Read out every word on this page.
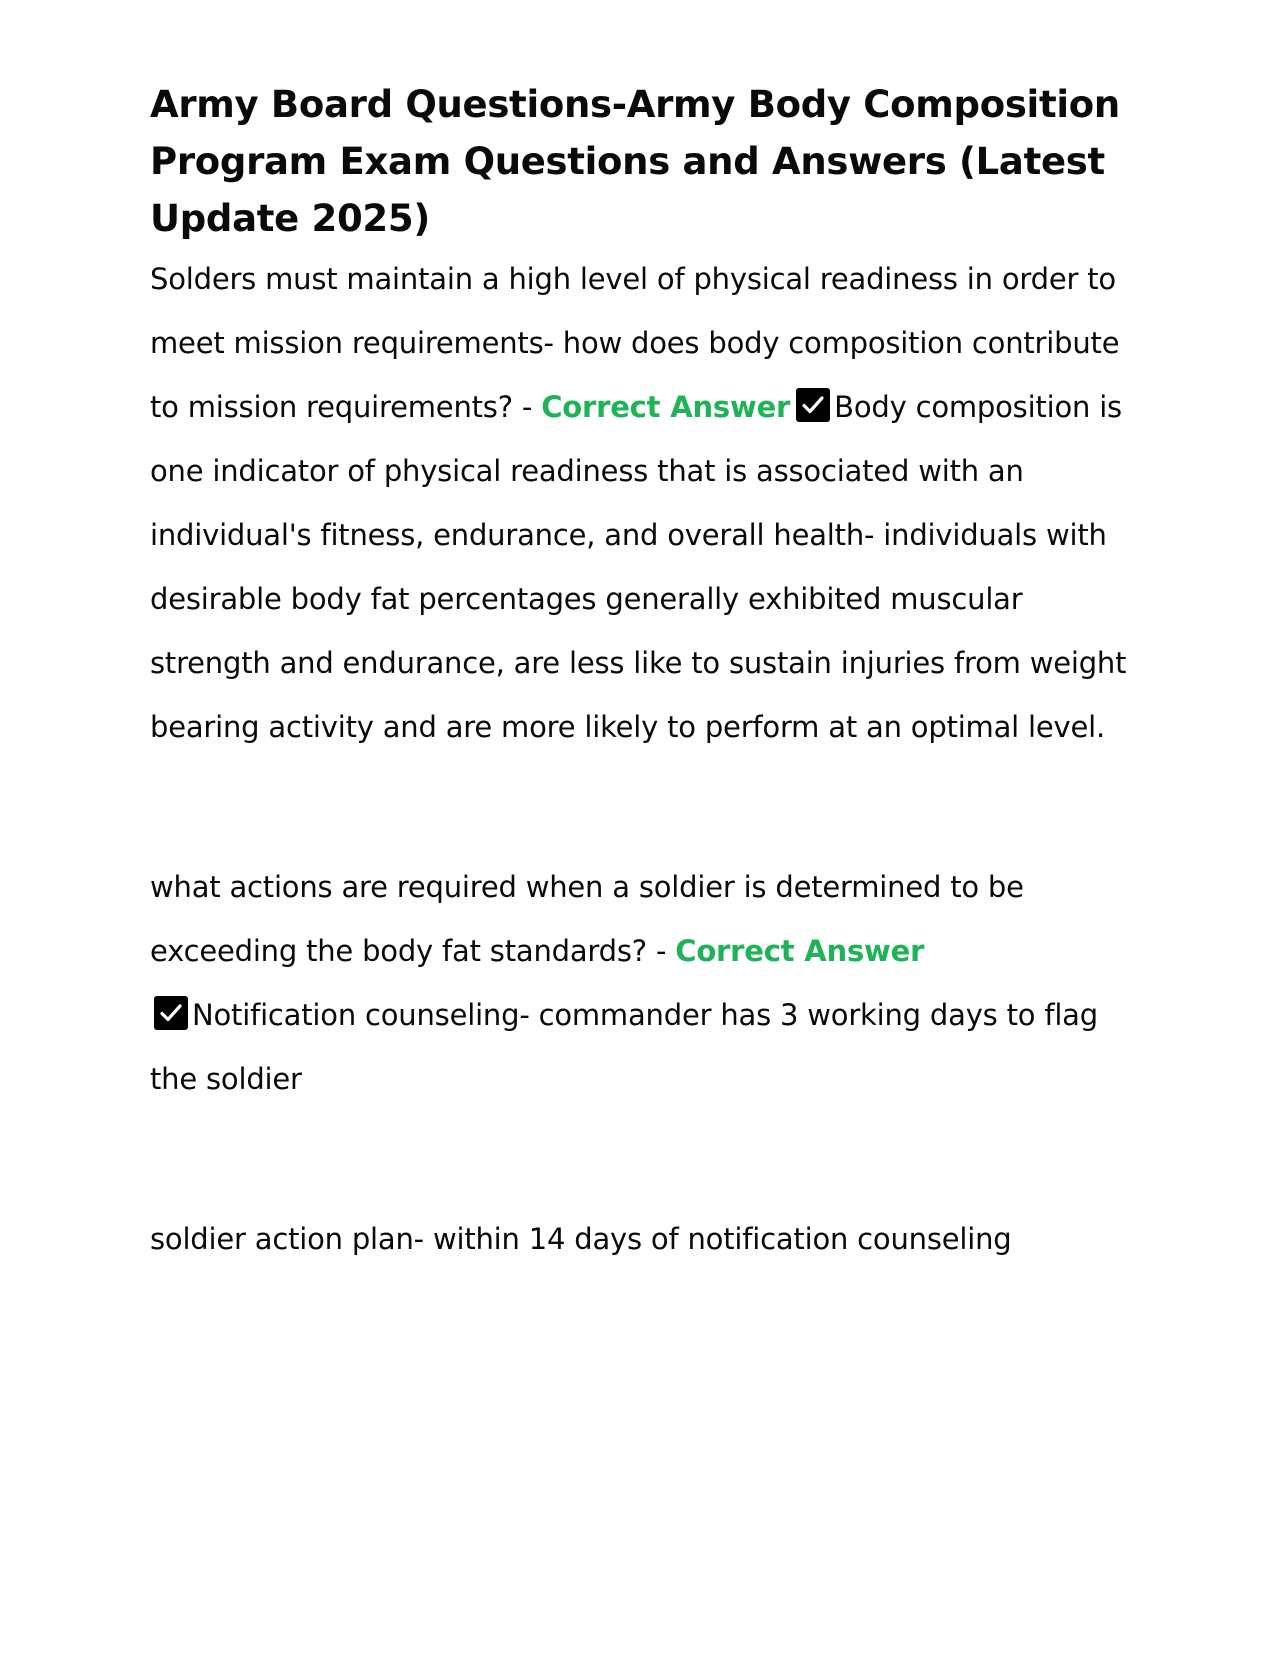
Army Board Questions-Army Body Composition Program Exam Questions and Answers (Latest Update 2025)

Solders must maintain a high level of physical readiness in order to meet mission requirements- how does body composition contribute to mission requirements? - Correct Answer Body composition is one indicator of physical readiness that is associated with an individual's fitness, endurance, and overall health- individuals with desirable body fat percentages generally exhibited muscular strength and endurance, are less like to sustain injuries from weight bearing activity and are more likely to perform at an optimal level.

what actions are required when a soldier is determined to be exceeding the body fat standards? - Correct Answer

Notification counseling- commander has 3 working days to flag the soldier

soldier action plan- within 14 days of notification counseling
